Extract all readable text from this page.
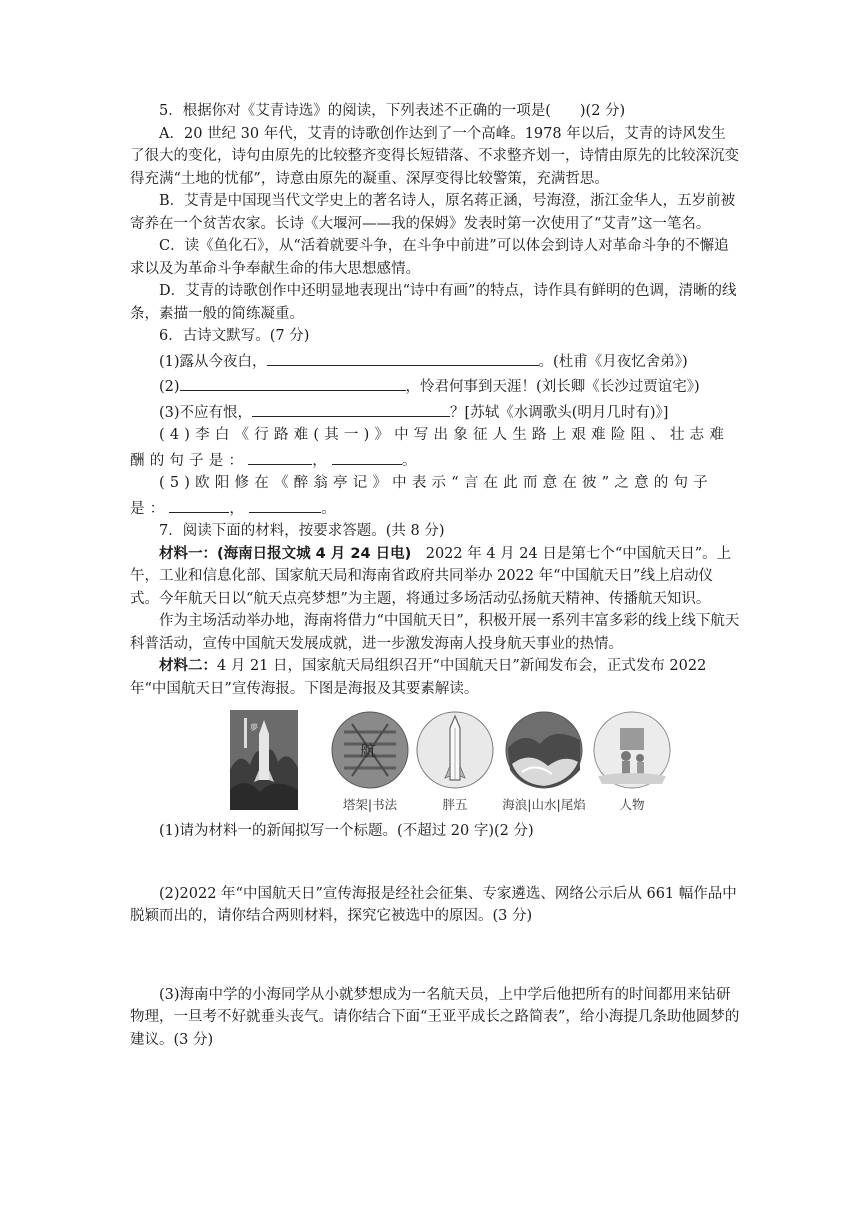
5．根据你对《艾青诗选》的阅读，下列表述不正确的一项是(　　)(2 分)

A．20 世纪 30 年代，艾青的诗歌创作达到了一个高峰。1978 年以后，艾青的诗风发生了很大的变化，诗句由原先的比较整齐变得长短错落、不求整齐划一，诗情由原先的比较深沉变得充满“土地的忧郁”，诗意由原先的凝重、深厚变得比较警策，充满哲思。

B．艾青是中国现当代文学史上的著名诗人，原名蒋正涵，号海澄，浙江金华人，五岁前被寄养在一个贫苦农家。长诗《大堰河——我的保姆》发表时第一次使用了“艾青”这一笔名。

C．读《鱼化石》，从“活着就要斗争，在斗争中前进”可以体会到诗人对革命斗争的不懈追求以及为革命斗争奉献生命的伟大思想感情。

D．艾青的诗歌创作中还明显地表现出“诗中有画”的特点，诗作具有鲜明的色调，清晰的线条，素描一般的简练凝重。

6．古诗文默写。(7 分)

(1)露从今夜白，	。(杜甫《月夜忆舍弟》)

(2)	，怜君何事到天涯！(刘长卿《长沙过贾谊宅》)

(3)不应有恨，	？[苏轼《水调歌头(明月几时有)》]

(4)李白《行路难(其一)》中写出象征人生路上艰难险阻、壮志难酬的句子是：	，	。

(5)欧阳修在《醉翁亭记》中表示“言在此而意在彼”之意的句子是：	，	。

7．阅读下面的材料，按要求答题。(共 8 分)

材料一：(海南日报文城 4 月 24 日电)　2022 年 4 月 24 日是第七个“中国航天日”。上午，工业和信息化部、国家航天局和海南省政府共同举办 2022 年“中国航天日”线上启动仪式。今年航天日以“航天点亮梦想”为主题，将通过多场活动弘扬航天精神、传播航天知识。

作为主场活动举办地，海南将借力“中国航天日”，积极开展一系列丰富多彩的线上线下航天科普活动，宣传中国航天发展成就，进一步激发海南人投身航天事业的热情。

材料二：4 月 21 日，国家航天局组织召开“中国航天日”新闻发布会，正式发布 2022 年“中国航天日”宣传海报。下图是海报及其要素解读。

夢
航
塔架|书法	胖五	海浪|山水|尾焰	人物

(1)请为材料一的新闻拟写一个标题。(不超过 20 字)(2 分)

(2)2022 年“中国航天日”宣传海报是经社会征集、专家遴选、网络公示后从 661 幅作品中脱颖而出的，请你结合两则材料，探究它被选中的原因。(3 分)

(3)海南中学的小海同学从小就梦想成为一名航天员，上中学后他把所有的时间都用来钻研物理，一旦考不好就垂头丧气。请你结合下面“王亚平成长之路简表”，给小海提几条助他圆梦的建议。(3 分)
